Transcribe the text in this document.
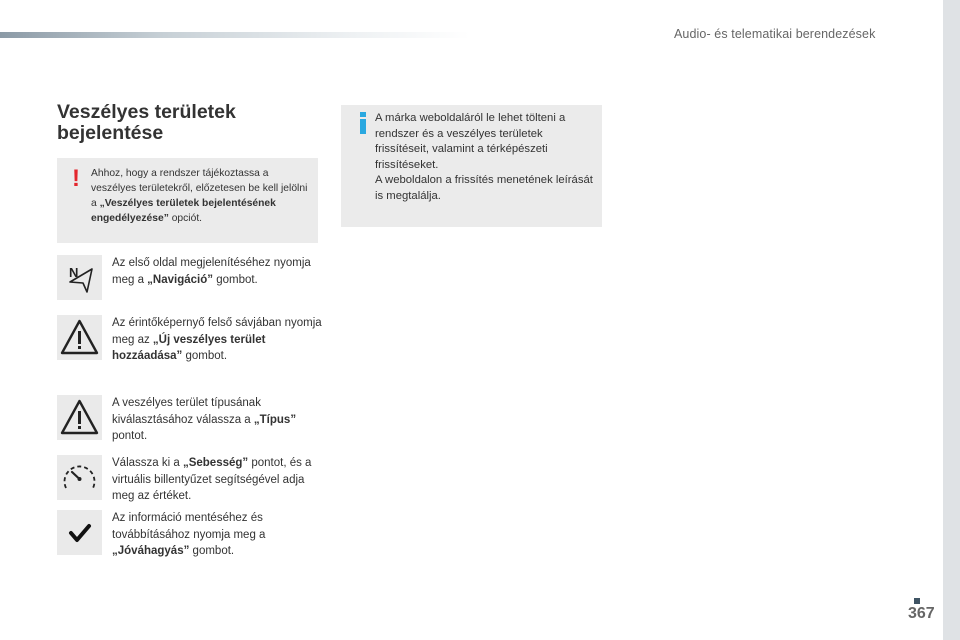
Audio- és telematikai berendezések
Veszélyes területek bejelentése
! Ahhoz, hogy a rendszer tájékoztassa a veszélyes területekről, előzetesen be kell jelölni a „Veszélyes területek bejelentésének engedélyezése” opciót.
A márka weboldaláról le lehet tölteni a rendszer és a veszélyes területek frissítéseit, valamint a térképészeti frissítéseket.
A weboldalon a frissítés menetének leírását is megtalálja.
N
Az első oldal megjelenítéséhez nyomja meg a „Navigáció” gombot.
Az érintőképernyő felső sávjában nyomja meg az „Új veszélyes terület hozzáadása” gombot.
A veszélyes terület típusának kiválasztásához válassza a „Típus” pontot.
Válassza ki a „Sebesség” pontot, és a virtuális billentyűzet segítségével adja meg az értéket.
Az információ mentéséhez és továbbításához nyomja meg a „Jóváhagyás” gombot.
367
